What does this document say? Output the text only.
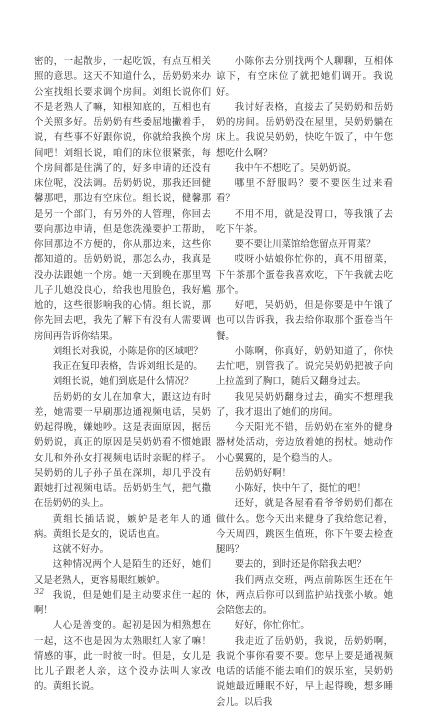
密的，一起散步，一起吃饭，有点互相关照的意思。这天不知道什么，岳奶奶来办公室找组长要求调个房间。刘组长说你们不是老熟人了嘛，知根知底的，互相也有个关照多好。岳奶奶有些委屈地撇着手，说，有些事不好跟你说，你就给我换个房间吧！刘组长说，咱们的床位很紧张，每个房间都是住满了的，好多申请的还没有床位呢，没法调。岳奶奶说，那我还回健馨那吧，那边有空床位。组长说，健馨那是另一个部门，有另外的人管理，你回去要向那边申请，但是您洗澡要护工帮助，你回那边不方便的，你从那边来，这些你都知道的。岳奶奶说，那怎么办，我真是没办法跟她一个房。她一天到晚在那里骂儿子儿媳没良心，给我也甩脸色，我好尴尬的，这些很影响我的心情。组长说，那你先回去吧，我先了解下有没有人需要调房间再告诉你结果。

刘组长对我说，小陈是你的区域吧？

我正在复印表格，告诉刘组长是的。

刘组长说，她们到底是什么情况？

岳奶奶的女儿在加拿大，跟这边有时差，她需要一早刷那边通视频电话，吴奶奶起得晚，嫌她吵。这是表面原因，据岳奶奶说，真正的原因是吴奶奶看不惯她跟女儿和外孙女打视频电话时亲昵的样子。吴奶奶的儿子孙子虽在深圳，却几乎没有跟她打过视频电话。岳奶奶生气，把气撒在岳奶奶的头上。

黄组长插话说，嫉妒是老年人的通病。黄组长是女的，说话也直。

这就不好办。

这种情况两个人是陌生的还好，她们又是老熟人，更容易眼红嫉妒。

我说，但是她们是主动要求住一起的啊！

人心是善变的。起初是因为相熟想在一起，这不也是因为太熟眼红人家了嘛！情感的事，此一时彼一时。但是，女儿是比儿子跟老人亲，这个没办法叫人家改的。黄组长说。

小陈你去分别找两个人聊聊，互相体谅下，有空床位了就把她们调开。我说好。

我讨好表格，直接去了吴奶奶和岳奶奶的房间。岳奶奶没在屋里，吴奶奶躺在床上。我说吴奶奶，快吃午饭了，中午您想吃什么啊？

我中午不想吃了。吴奶奶说。

哪里不舒服吗？要不要医生过来看看？

不用不用，就是没胃口，等我饿了去吃下午茶。

要不要让川菜馆给您留点开胃菜？

哎呀小姑娘你忙你的，真不用留菜，下午茶那个蛋卷我喜欢吃，下午我就去吃那个。

好吧，吴奶奶，但是你要是中午饿了也可以告诉我，我去给你取那个蛋卷当午餐。

小陈啊，你真好，奶奶知道了，你快去忙吧，别管我了。说完吴奶奶把被子向上拉盖到了胸口，随后又翻身过去。

我见吴奶奶翻身过去，确实不想理我了，我才退出了她们的房间。

今天阳光不错，岳奶奶在室外的健身器材处活动，旁边放着她的拐杖。她动作小心翼翼的，是个稳当的人。

岳奶奶好啊！

小陈好，快中午了，挺忙的吧！

还好，就是各屋看看爷爷奶奶们都在做什么。您今天出来健身了我给您记着，今天周四，跳医生值班，你下午要去检查腿吗？

要去的，到时还是你陪我去吧？

我们两点交班，两点前陈医生还在午休，两点后你可以到监护站找张小敏。她会陪您去的。

好好，你忙你忙。

我走近了岳奶奶，我说，岳奶奶啊，我说个事你看要不要。您早上要是通视频电话的话能不能去咱们的娱乐室，吴奶奶说她最近睡眠不好，早上起得晚，想多睡会儿。以后我

32
